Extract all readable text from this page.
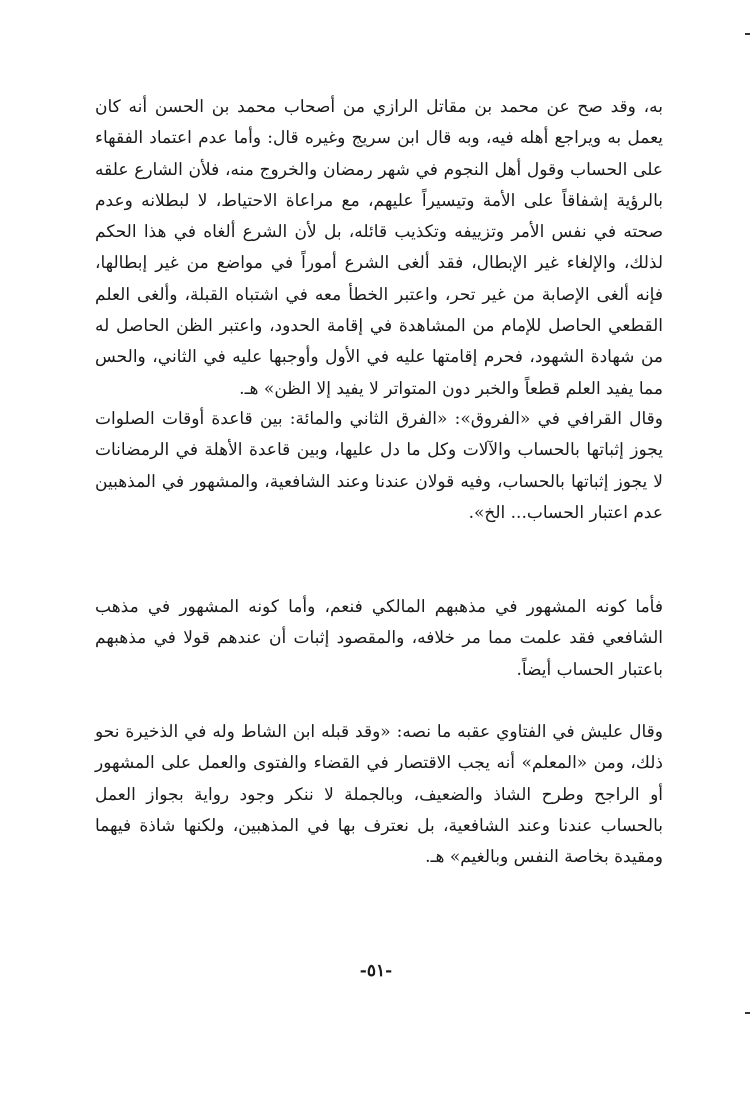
به، وقد صح عن محمد بن مقاتل الرازي من أصحاب محمد بن الحسن أنه كان يعمل به ويراجع أهله فيه، وبه قال ابن سريج وغيره قال: وأما عدم اعتماد الفقهاء على الحساب وقول أهل النجوم في شهر رمضان والخروج منه، فلأن الشارع علقه بالرؤية إشفاقاً على الأمة وتيسيراً عليهم، مع مراعاة الاحتياط، لا لبطلانه وعدم صحته في نفس الأمر وتزييفه وتكذيب قائله، بل لأن الشرع ألغاه في هذا الحكم لذلك، والإلغاء غير الإبطال، فقد ألغى الشرع أموراً في مواضع من غير إبطالها، فإنه ألغى الإصابة من غير تحر، واعتبر الخطأ معه في اشتباه القبلة، وألغى العلم القطعي الحاصل للإمام من المشاهدة في إقامة الحدود، واعتبر الظن الحاصل له من شهادة الشهود، فحرم إقامتها عليه في الأول وأوجبها عليه في الثاني، والحس مما يفيد العلم قطعاً والخبر دون المتواتر لا يفيد إلا الظن» هـ.

وقال القرافي في «الفروق»: «الفرق الثاني والمائة: بين قاعدة أوقات الصلوات يجوز إثباتها بالحساب والآلات وكل ما دل عليها، وبين قاعدة الأهلة في الرمضانات لا يجوز إثباتها بالحساب، وفيه قولان عندنا وعند الشافعية، والمشهور في المذهبين عدم اعتبار الحساب... الخ».

فأما كونه المشهور في مذهبهم المالكي فنعم، وأما كونه المشهور في مذهب الشافعي فقد علمت مما مر خلافه، والمقصود إثبات أن عندهم قولا في مذهبهم باعتبار الحساب أيضاً.

وقال عليش في الفتاوي عقبه ما نصه: «وقد قبله ابن الشاط وله في الذخيرة نحو ذلك، ومن «المعلم» أنه يجب الاقتصار في القضاء والفتوى والعمل على المشهور أو الراجح وطرح الشاذ والضعيف، وبالجملة لا ننكر وجود رواية بجواز العمل بالحساب عندنا وعند الشافعية، بل نعترف بها في المذهبين، ولكنها شاذة فيهما ومقيدة بخاصة النفس وبالغيم» هـ.

-٥١-
